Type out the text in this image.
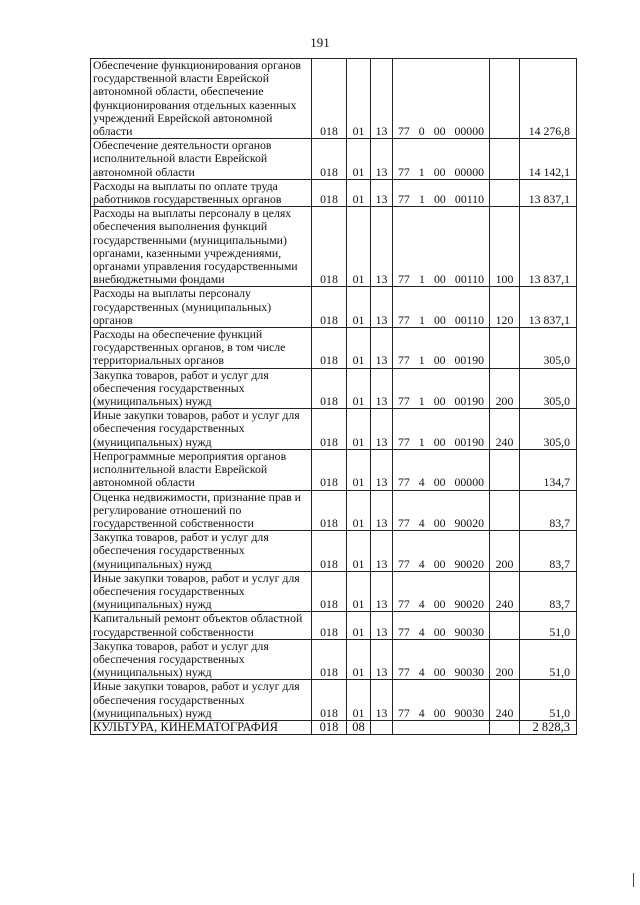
191
Обеспечение функционирования органов государственной власти Еврейской автономной области, обеспечение функционирования отдельных казенных учреждений Еврейской автономной области	018	01	13	77 0 00 00000		14 276,8
Обеспечение деятельности органов исполнительной власти Еврейской автономной области	018	01	13	77 1 00 00000		14 142,1
Расходы на выплаты по оплате труда работников государственных органов	018	01	13	77 1 00 00110		13 837,1
Расходы на выплаты персоналу в целях обеспечения выполнения функций государственными (муниципальными) органами, казенными учреждениями, органами управления государственными внебюджетными фондами	018	01	13	77 1 00 00110	100	13 837,1
Расходы на выплаты персоналу государственных (муниципальных) органов	018	01	13	77 1 00 00110	120	13 837,1
Расходы на обеспечение функций государственных органов, в том числе территориальных органов	018	01	13	77 1 00 00190		305,0
Закупка товаров, работ и услуг для обеспечения государственных (муниципальных) нужд	018	01	13	77 1 00 00190	200	305,0
Иные закупки товаров, работ и услуг для обеспечения государственных (муниципальных) нужд	018	01	13	77 1 00 00190	240	305,0
Непрограммные мероприятия органов исполнительной власти Еврейской автономной области	018	01	13	77 4 00 00000		134,7
Оценка недвижимости, признание прав и регулирование отношений по государственной собственности	018	01	13	77 4 00 90020		83,7
Закупка товаров, работ и услуг для обеспечения государственных (муниципальных) нужд	018	01	13	77 4 00 90020	200	83,7
Иные закупки товаров, работ и услуг для обеспечения государственных (муниципальных) нужд	018	01	13	77 4 00 90020	240	83,7
Капитальный ремонт объектов областной государственной собственности	018	01	13	77 4 00 90030		51,0
Закупка товаров, работ и услуг для обеспечения государственных (муниципальных) нужд	018	01	13	77 4 00 90030	200	51,0
Иные закупки товаров, работ и услуг для обеспечения государственных (муниципальных) нужд	018	01	13	77 4 00 90030	240	51,0
КУЛЬТУРА, КИНЕМАТОГРАФИЯ	018	08				2 828,3
